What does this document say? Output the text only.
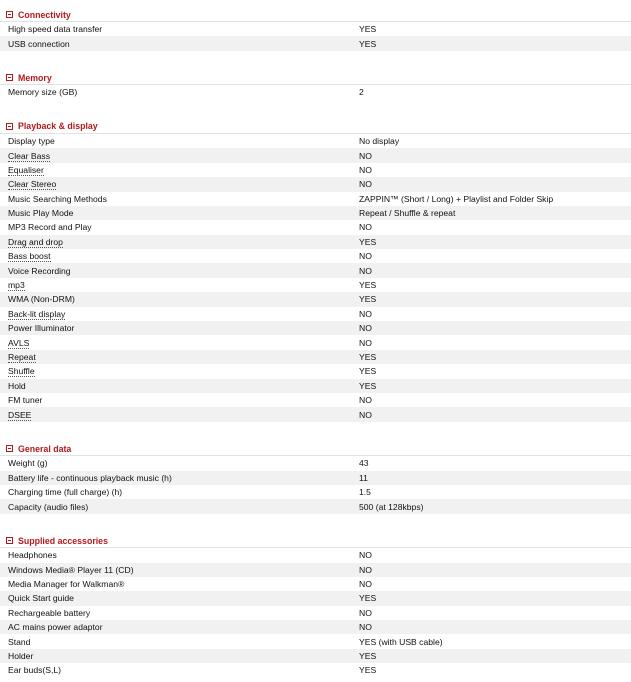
Connectivity
High speed data transfer	YES
USB connection	YES
Memory
Memory size (GB)	2
Playback & display
Display type	No display
Clear Bass	NO
Equaliser	NO
Clear Stereo	NO
Music Searching Methods	ZAPPIN™ (Short / Long) + Playlist and Folder Skip
Music Play Mode	Repeat / Shuffle & repeat
MP3 Record and Play	NO
Drag and drop	YES
Bass boost	NO
Voice Recording	NO
mp3	YES
WMA (Non-DRM)	YES
Back-lit display	NO
Power Illuminator	NO
AVLS	NO
Repeat	YES
Shuffle	YES
Hold	YES
FM tuner	NO
DSEE	NO
General data
Weight (g)	43
Battery life - continuous playback music (h)	11
Charging time (full charge) (h)	1.5
Capacity (audio files)	500 (at 128kbps)
Supplied accessories
Headphones	NO
Windows Media® Player 11 (CD)	NO
Media Manager for Walkman®	NO
Quick Start guide	YES
Rechargeable battery	NO
AC mains power adaptor	NO
Stand	YES (with USB cable)
Holder	YES
Ear buds(S,L)	YES
